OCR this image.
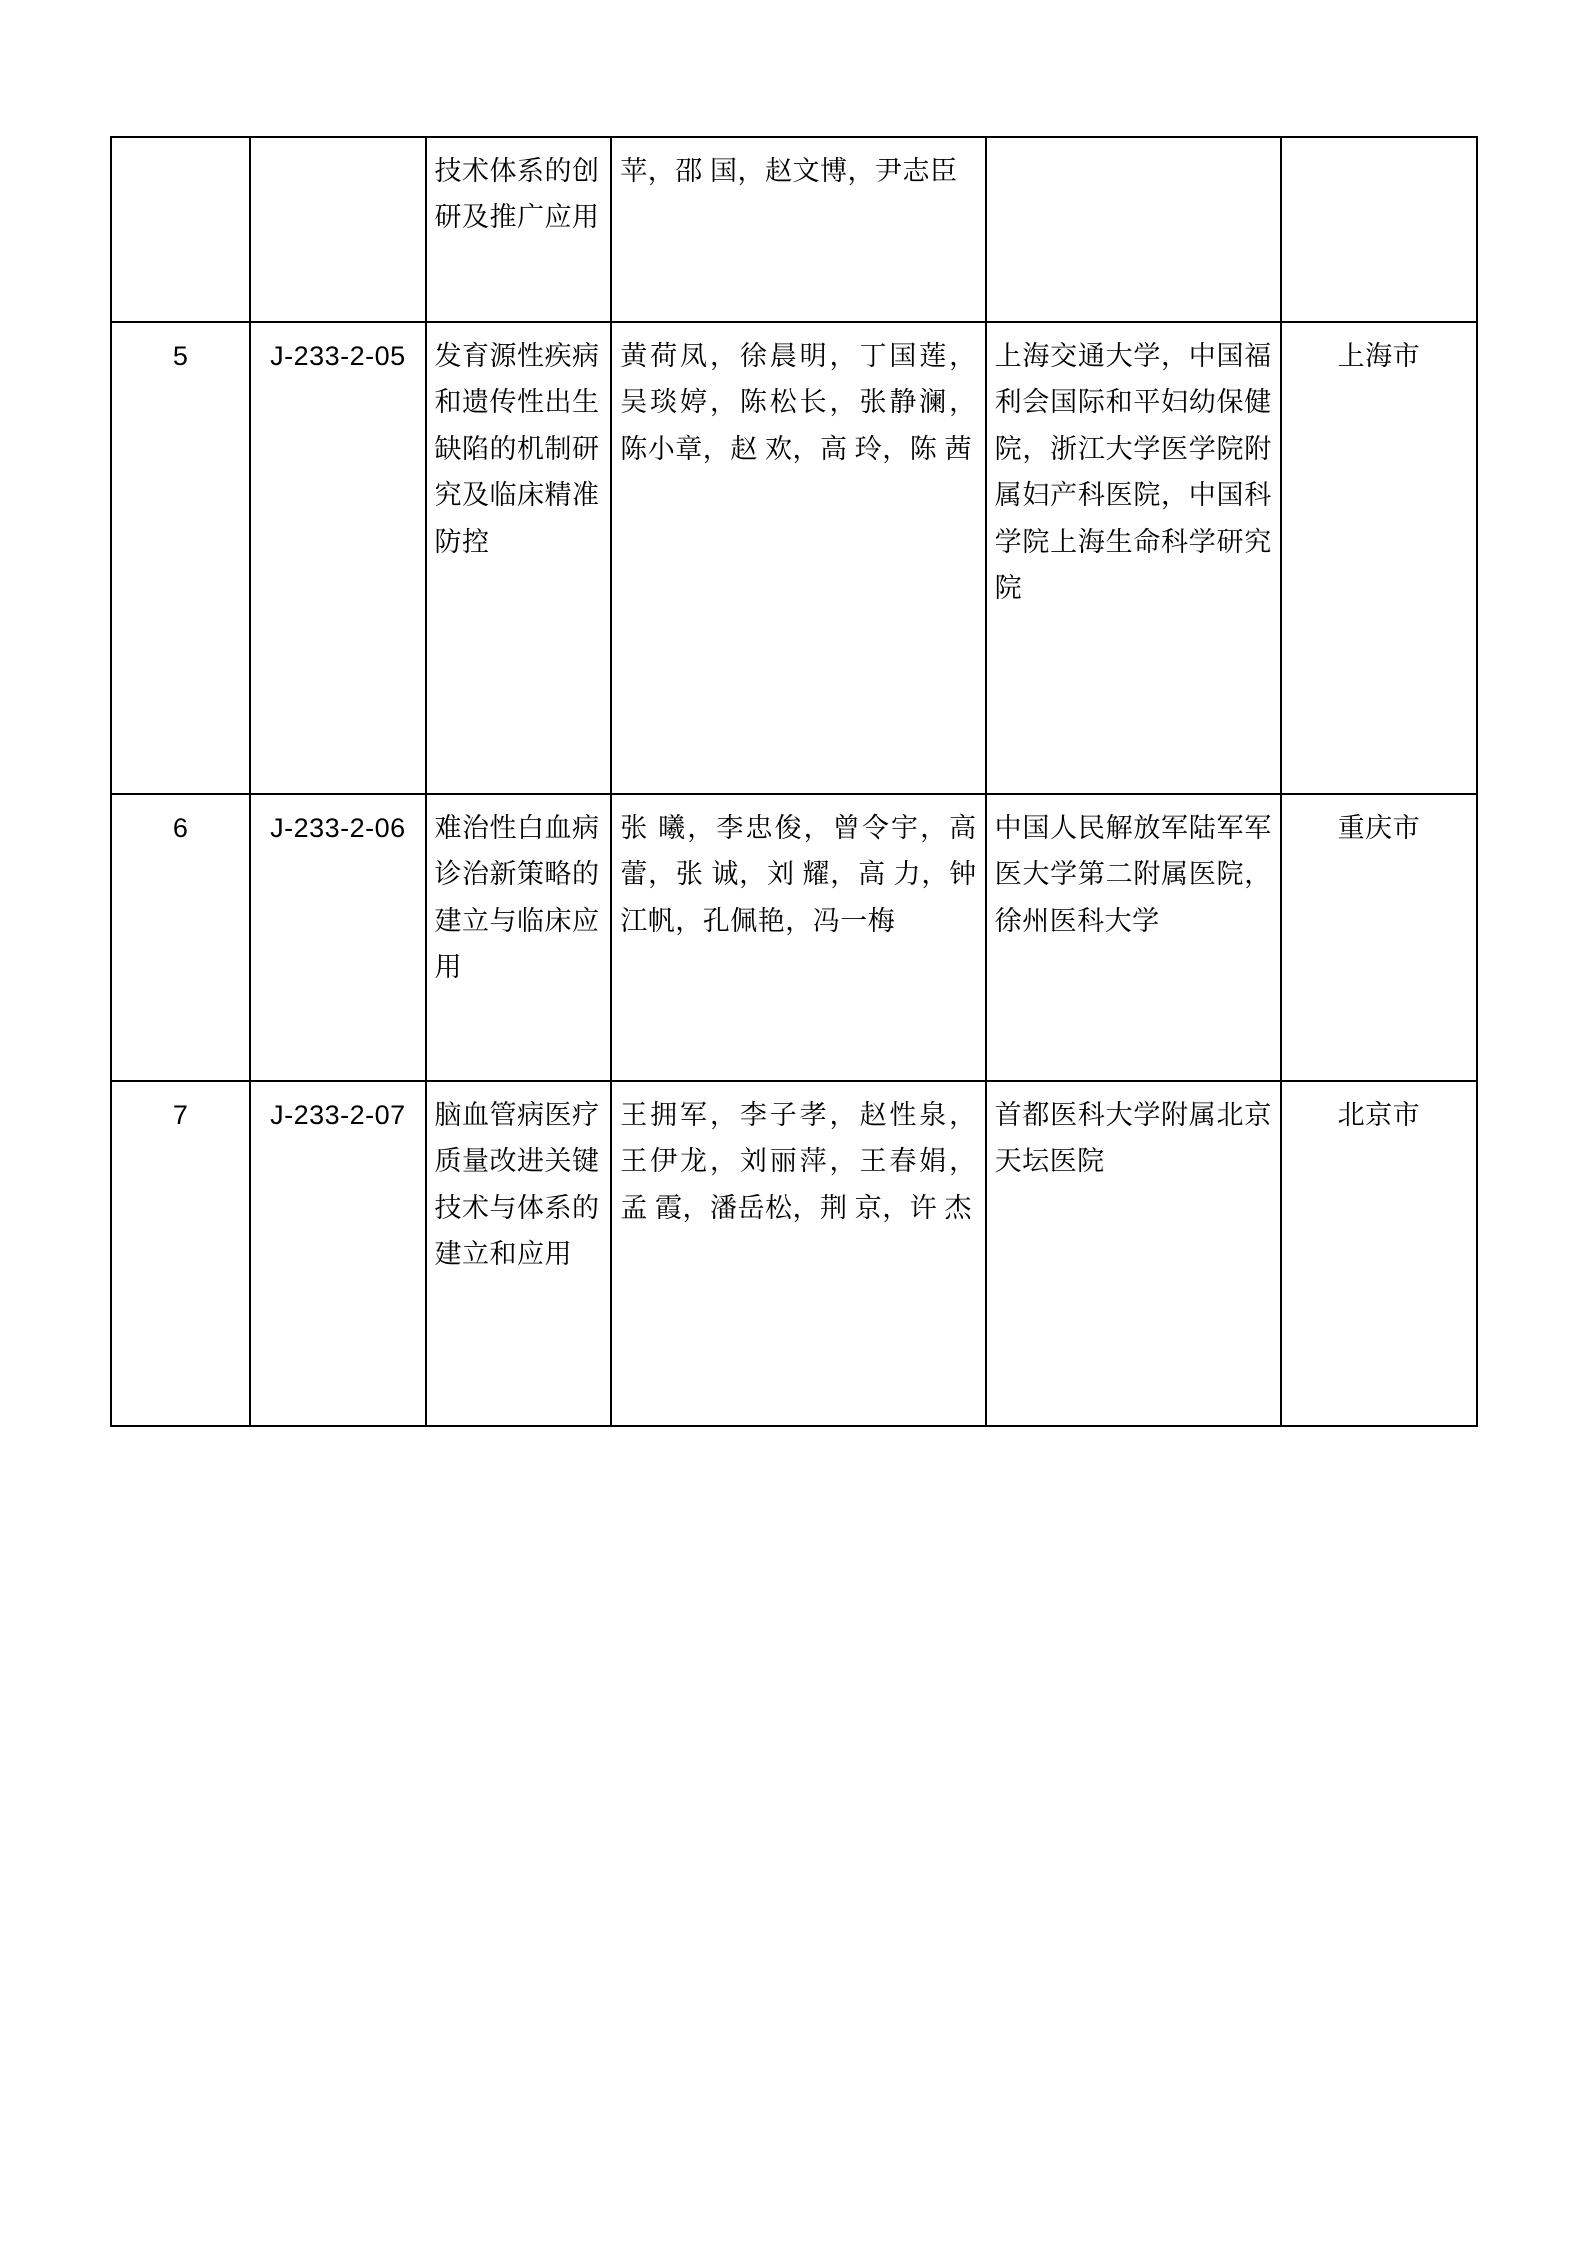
		技术体系的创研及推广应用	苹，邵 国，赵文博，尹志臣		
5	J-233-2-05	发育源性疾病和遗传性出生缺陷的机制研究及临床精准防控	黄荷凤，徐晨明，丁国莲，吴琰婷，陈松长，张静澜，陈小章，赵 欢，高 玲，陈 茜	上海交通大学，中国福利会国际和平妇幼保健院，浙江大学医学院附属妇产科医院，中国科学院上海生命科学研究院	上海市
6	J-233-2-06	难治性白血病诊治新策略的建立与临床应用	张 曦，李忠俊，曾令宇，高 蕾，张 诚，刘 耀，高 力，钟江帆，孔佩艳，冯一梅	中国人民解放军陆军军医大学第二附属医院，徐州医科大学	重庆市
7	J-233-2-07	脑血管病医疗质量改进关键技术与体系的建立和应用	王拥军，李子孝，赵性泉，王伊龙，刘丽萍，王春娟，孟 霞，潘岳松，荆 京，许 杰	首都医科大学附属北京天坛医院	北京市
